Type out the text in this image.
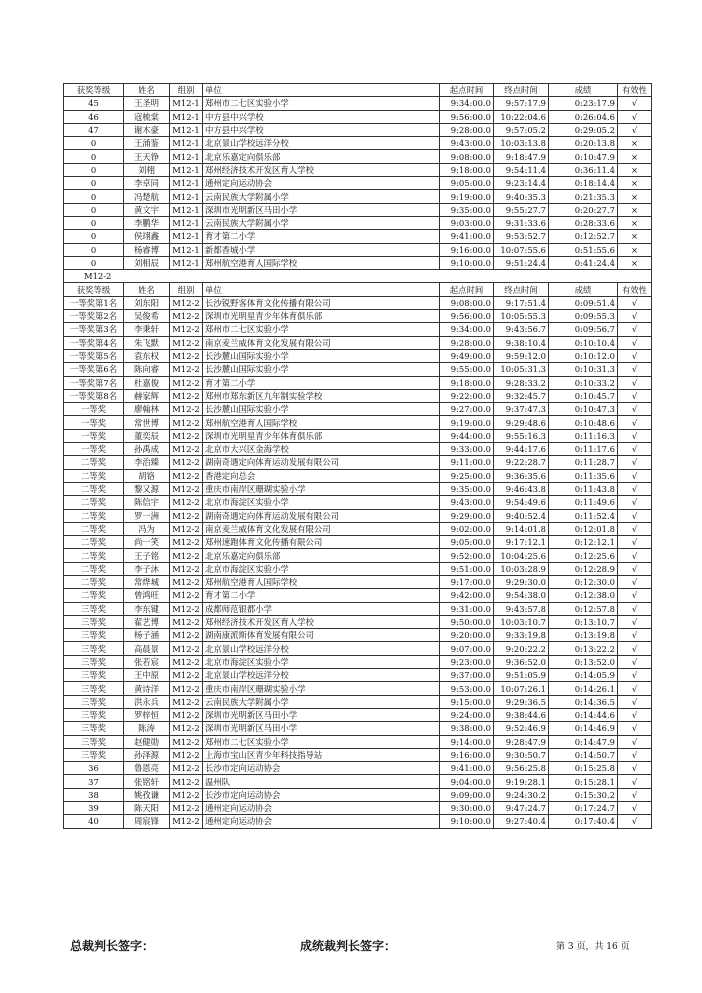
获奖等级	姓名	组别	单位	起点时间	终点时间	成绩	有效性
45	王圣明	M12-1	郑州市二七区实验小学	9:34:00.0	9:57:17.9	0:23:17.9	√
46	寇梳棠	M12-1	中方县中兴学校	9:56:00.0	10:22:04.6	0:26:04.6	√
47	谢木豪	M12-1	中方县中兴学校	9:28:00.0	9:57:05.2	0:29:05.2	√
0	王涌鉴	M12-1	北京景山学校远洋分校	9:43:00.0	10:03:13.8	0:20:13.8	×
0	王天铮	M12-1	北京乐嘉定向俱乐部	9:08:00.0	9:18:47.9	0:10:47.9	×
0	刘栩	M12-1	郑州经济技术开发区育人学校	9:18:00.0	9:54:11.4	0:36:11.4	×
0	李卓同	M12-1	通州定向运动协会	9:05:00.0	9:23:14.4	0:18:14.4	×
0	冯楚航	M12-1	云南民族大学附属小学	9:19:00.0	9:40:35.3	0:21:35.3	×
0	黄文宇	M12-1	深圳市光明新区马田小学	9:35:00.0	9:55:27.7	0:20:27.7	×
0	李鹏华	M12-1	云南民族大学附属小学	9:03:00.0	9:31:33.6	0:28:33.6	×
0	侯翊鑫	M12-1	育才第二小学	9:41:00.0	9:53:52.7	0:12:52.7	×
0	杨睿博	M12-1	新都香城小学	9:16:00.0	10:07:55.6	0:51:55.6	×
0	刘相辰	M12-1	郑州航空港育人国际学校	9:10:00.0	9:51:24.4	0:41:24.4	×
M12-2							
获奖等级	姓名	组别	单位	起点时间	终点时间	成绩	有效性
一等奖第1名	刘东阳	M12-2	长沙锐野客体育文化传播有限公司	9:08:00.0	9:17:51.4	0:09:51.4	√
一等奖第2名	吴俊希	M12-2	深圳市光明星青少年体育俱乐部	9:56:00.0	10:05:55.3	0:09:55.3	√
一等奖第3名	李秉轩	M12-2	郑州市二七区实验小学	9:34:00.0	9:43:56.7	0:09:56.7	√
一等奖第4名	朱飞默	M12-2	南京麦兰威体育文化发展有限公司	9:28:00.0	9:38:10.4	0:10:10.4	√
一等奖第5名	袁东权	M12-2	长沙麓山国际实验小学	9:49:00.0	9:59:12.0	0:10:12.0	√
一等奖第6名	陈向睿	M12-2	长沙麓山国际实验小学	9:55:00.0	10:05:31.3	0:10:31.3	√
一等奖第7名	杜嘉俊	M12-2	育才第二小学	9:18:00.0	9:28:33.2	0:10:33.2	√
一等奖第8名	赫家辉	M12-2	郑州市郑东新区九年制实验学校	9:22:00.0	9:32:45.7	0:10:45.7	√
一等奖	廖翰林	M12-2	长沙麓山国际实验小学	9:27:00.0	9:37:47.3	0:10:47.3	√
一等奖	常世博	M12-2	郑州航空港育人国际学校	9:19:00.0	9:29:48.6	0:10:48.6	√
一等奖	董奕辰	M12-2	深圳市光明星青少年体育俱乐部	9:44:00.0	9:55:16.3	0:11:16.3	√
一等奖	孙禹成	M12-2	北京市大兴区金海学校	9:33:00.0	9:44:17.6	0:11:17.6	√
二等奖	李治臻	M12-2	湖南奇遇定向体育运动发展有限公司	9:11:00.0	9:22:28.7	0:11:28.7	√
二等奖	胡铬	M12-2	香港定向总会	9:25:00.0	9:36:35.6	0:11:35.6	√
二等奖	黎又源	M12-2	重庆市南岸区珊瑚实验小学	9:35:00.0	9:46:43.8	0:11:43.8	√
二等奖	陈信宇	M12-2	北京市海淀区实验小学	9:43:00.0	9:54:49.6	0:11:49.6	√
二等奖	罗一洲	M12-2	湖南奇遇定向体育运动发展有限公司	9:29:00.0	9:40:52.4	0:11:52.4	√
二等奖	冯为	M12-2	南京麦兰威体育文化发展有限公司	9:02:00.0	9:14:01.8	0:12:01.8	√
二等奖	尚一笑	M12-2	郑州速跑体育文化传播有限公司	9:05:00.0	9:17:12.1	0:12:12.1	√
二等奖	王子铭	M12-2	北京乐嘉定向俱乐部	9:52:00.0	10:04:25.6	0:12:25.6	√
二等奖	李子沐	M12-2	北京市海淀区实验小学	9:51:00.0	10:03:28.9	0:12:28.9	√
二等奖	常烨城	M12-2	郑州航空港育人国际学校	9:17:00.0	9:29:30.0	0:12:30.0	√
二等奖	曾鸿旺	M12-2	育才第二小学	9:42:00.0	9:54:38.0	0:12:38.0	√
三等奖	李东键	M12-2	成都师范银都小学	9:31:00.0	9:43:57.8	0:12:57.8	√
三等奖	翟艺博	M12-2	郑州经济技术开发区育人学校	9:50:00.0	10:03:10.7	0:13:10.7	√
三等奖	杨子涵	M12-2	湖南康派斯体育发展有限公司	9:20:00.0	9:33:19.8	0:13:19.8	√
三等奖	高晨景	M12-2	北京景山学校远洋分校	9:07:00.0	9:20:22.2	0:13:22.2	√
三等奖	张若宸	M12-2	北京市海淀区实验小学	9:23:00.0	9:36:52.0	0:13:52.0	√
三等奖	王中原	M12-2	北京景山学校远洋分校	9:37:00.0	9:51:05.9	0:14:05.9	√
三等奖	黄诗洋	M12-2	重庆市南岸区珊瑚实验小学	9:53:00.0	10:07:26.1	0:14:26.1	√
三等奖	洪永兵	M12-2	云南民族大学附属小学	9:15:00.0	9:29:36.5	0:14:36.5	√
三等奖	罗梓恒	M12-2	深圳市光明新区马田小学	9:24:00.0	9:38:44.6	0:14:44.6	√
三等奖	陈涛	M12-2	深圳市光明新区马田小学	9:38:00.0	9:52:46.9	0:14:46.9	√
三等奖	赵健勋	M12-2	郑州市二七区实验小学	9:14:00.0	9:28:47.9	0:14:47.9	√
三等奖	孙泽源	M12-2	上海市宝山区青少年科技指导站	9:16:00.0	9:30:50.7	0:14:50.7	√
36	鲁恩亮	M12-2	长沙市定向运动协会	9:41:00.0	9:56:25.8	0:15:25.8	√
37	张铭轩	M12-2	温州队	9:04:00.0	9:19:28.1	0:15:28.1	√
38	姚孜谦	M12-2	长沙市定向运动协会	9:09:00.0	9:24:30.2	0:15:30.2	√
39	陈天阳	M12-2	通州定向运动协会	9:30:00.0	9:47:24.7	0:17:24.7	√
40	周宸锋	M12-2	通州定向运动协会	9:10:00.0	9:27:40.4	0:17:40.4	√
总裁判长签字：	成统裁判长签字：	第 3 页，共 16 页
